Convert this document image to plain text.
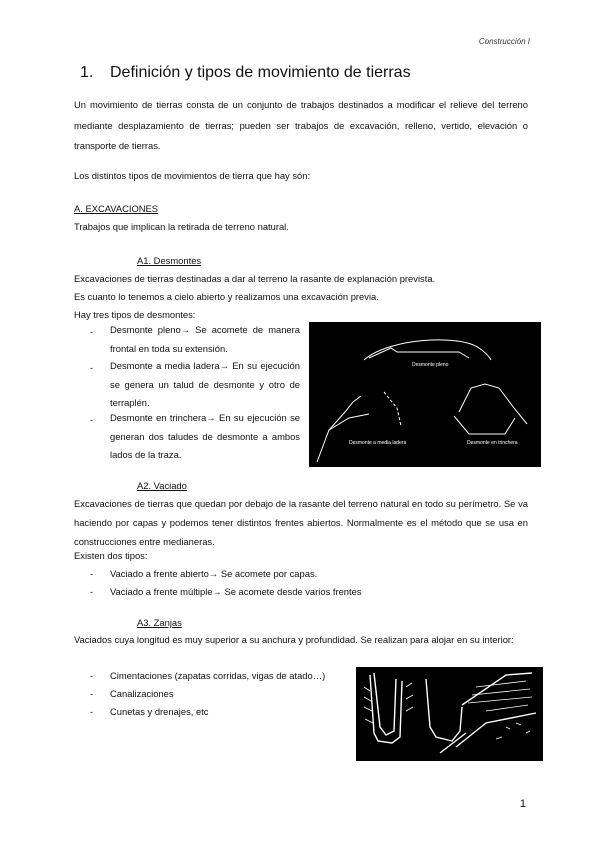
Construcción I
1. Definición y tipos de movimiento de tierras
Un movimiento de tierras consta de un conjunto de trabajos destinados a modificar el relieve del terreno mediante desplazamiento de tierras; pueden ser trabajos de excavación, relleno, vertido, elevación o transporte de tierras.
Los distintos tipos de movimientos de tierra que hay són:
A. EXCAVACIONES
Trabajos que implican la retirada de terreno natural.
A1. Desmontes
Excavaciones de tierras destinadas a dar al terreno la rasante de explanación prevista.
Es cuanto lo tenemos a cielo abierto y realizamos una excavación previa.
Hay tres tipos de desmontes:
- Desmonte pleno→ Se acomete de manera frontal en toda su extensión.
- Desmonte a media ladera→ En su ejecución se genera un talud de desmonte y otro de terraplén.
- Desmonte en trinchera→ En su ejecución se generan dos taludes de desmonte a ambos lados de la traza.
Desmonte pleno
Desmonte a media ladera	Desmonte en trinchera
A2. Vaciado
Excavaciones de tierras que quedan por debajo de la rasante del terreno natural en todo su perímetro. Se va haciendo por capas y podemos tener distintos frentes abiertos. Normalmente es el método que se usa en construcciones entre medianeras.
Existen dos tipos:
- Vaciado a frente abierto→ Se acomete por capas.
- Vaciado a frente múltiple→ Se acomete desde varios frentes
A3. Zanjas
Vaciados cuya longitud es muy superior a su anchura y profundidad. Se realizan para alojar en su interior:
- Cimentaciones (zapatas corridas, vigas de atado…)
- Canalizaciones
- Cunetas y drenajes, etc
1
